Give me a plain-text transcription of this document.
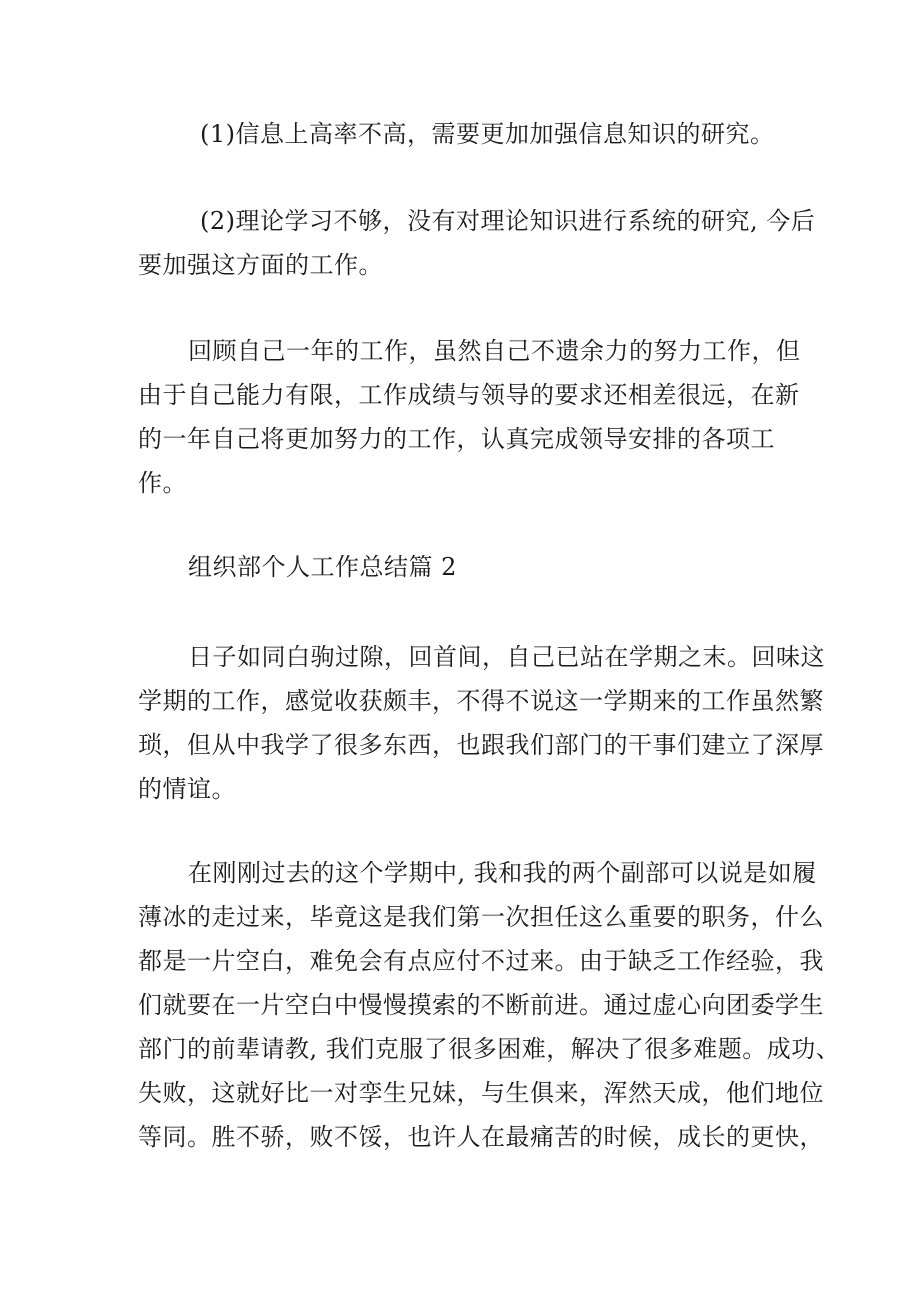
(1)信息上高率不高，需要更加加强信息知识的研究。
(2)理论学习不够，没有对理论知识进行系统的研究, 今后
要加强这方面的工作。
回顾自己一年的工作，虽然自己不遗余力的努力工作，但
由于自己能力有限，工作成绩与领导的要求还相差很远，在新
的一年自己将更加努力的工作，认真完成领导安排的各项工
作。
组织部个人工作总结篇 2
日子如同白驹过隙，回首间，自己已站在学期之末。回味这
学期的工作，感觉收获颇丰，不得不说这一学期来的工作虽然繁
琐，但从中我学了很多东西，也跟我们部门的干事们建立了深厚
的情谊。
在刚刚过去的这个学期中, 我和我的两个副部可以说是如履
薄冰的走过来，毕竟这是我们第一次担任这么重要的职务，什么
都是一片空白，难免会有点应付不过来。由于缺乏工作经验，我
们就要在一片空白中慢慢摸索的不断前进。通过虚心向团委学生
部门的前辈请教, 我们克服了很多困难，解决了很多难题。成功、
失败，这就好比一对孪生兄妹，与生俱来，浑然天成，他们地位
等同。胜不骄，败不馁，也许人在最痛苦的时候，成长的更快，
